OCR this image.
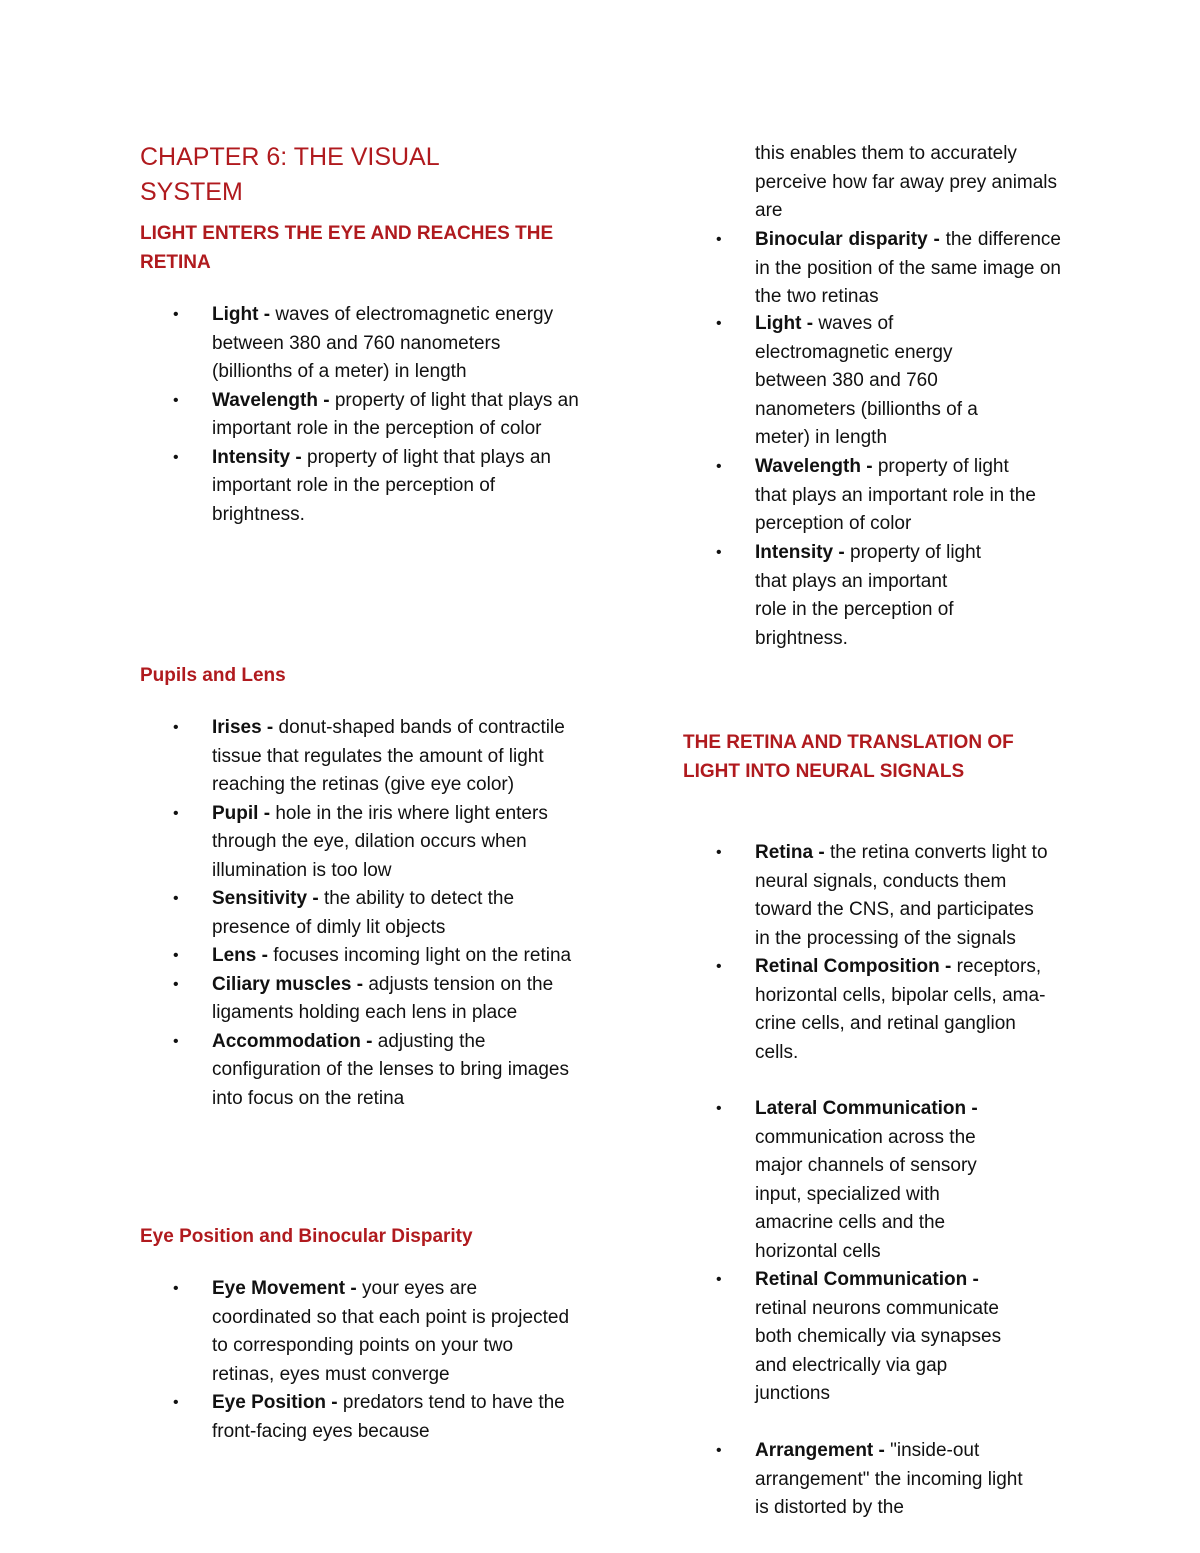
CHAPTER 6: THE VISUAL SYSTEM
LIGHT ENTERS THE EYE AND REACHES THE RETINA
• Light - waves of electromagnetic energy between 380 and 760 nanometers (billionths of a meter) in length
• Wavelength - property of light that plays an important role in the perception of color
• Intensity - property of light that plays an important role in the perception of brightness.
Pupils and Lens
• Irises - donut-shaped bands of contractile tissue that regulates the amount of light reaching the retinas (give eye color)
• Pupil - hole in the iris where light enters through the eye, dilation occurs when illumination is too low
• Sensitivity - the ability to detect the presence of dimly lit objects
• Lens - focuses incoming light on the retina
• Ciliary muscles - adjusts tension on the ligaments holding each lens in place
• Accommodation - adjusting the configuration of the lenses to bring images into focus on the retina
Eye Position and Binocular Disparity
• Eye Movement - your eyes are coordinated so that each point is projected to corresponding points on your two retinas, eyes must converge
• Eye Position - predators tend to have the front-facing eyes because

this enables them to accurately perceive how far away prey animals are

• Binocular disparity - the difference in the position of the same image on the two retinas
• Light - waves of electromagnetic energy between 380 and 760 nanometers (billionths of a meter) in length
• Wavelength - property of light that plays an important role in the perception of color
• Intensity - property of light that plays an important role in the perception of brightness.
THE RETINA AND TRANSLATION OF LIGHT INTO NEURAL SIGNALS
• Retina - the retina converts light to neural signals, conducts them toward the CNS, and participates in the processing of the signals
• Retinal Composition - receptors, horizontal cells, bipolar cells, ama- crine cells, and retinal ganglion cells.
• Lateral Communication - communication across the major channels of sensory input, specialized with amacrine cells and the horizontal cells
• Retinal Communication - retinal neurons communicate both chemically via synapses and electrically via gap junctions
• Arrangement - "inside-out arrangement" the incoming light is distorted by the
